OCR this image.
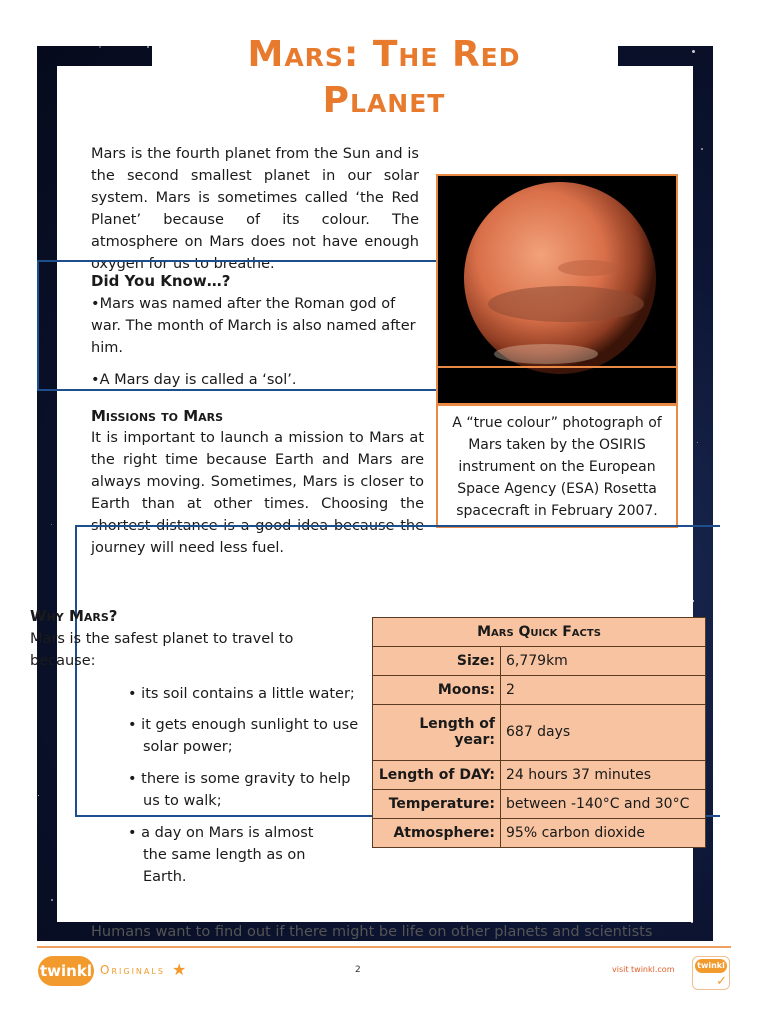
Mars: The Red
Planet
Mars is the fourth planet from the Sun and is the second smallest planet in our solar system. Mars is sometimes called ‘the Red Planet’ because of its colour. The atmosphere on Mars does not have enough oxygen for us to breathe.
Did You Know…?
•Mars was named after the Roman god of war. The month of March is also named after him.
•A Mars day is called a ‘sol’.
A “true colour” photograph of Mars taken by the OSIRIS instrument on the European Space Agency (ESA) Rosetta spacecraft in February 2007.
Missions to Mars
It is important to launch a mission to Mars at the right time because Earth and Mars are always moving. Sometimes, Mars is closer to Earth than at other times. Choosing the shortest distance is a good idea because the journey will need less fuel.
Why Mars?
Mars is the safest planet to travel to because:
• its soil contains a little water;
• it gets enough sunlight to use solar power;
• there is some gravity to help us to walk;
• a day on Mars is almost the same length as on Earth.
Mars Quick Facts	
Size:	6,779km
Moons:	2
Length of year:	687 days
Length of DAY:	24 hours 37 minutes
Temperature:	between -140°C and 30°C
Atmosphere:	95% carbon dioxide
Humans want to find out if there might be life on other planets and scientists
twinkl Originals ★	2	visit twinkl.com	twinkl
✓
